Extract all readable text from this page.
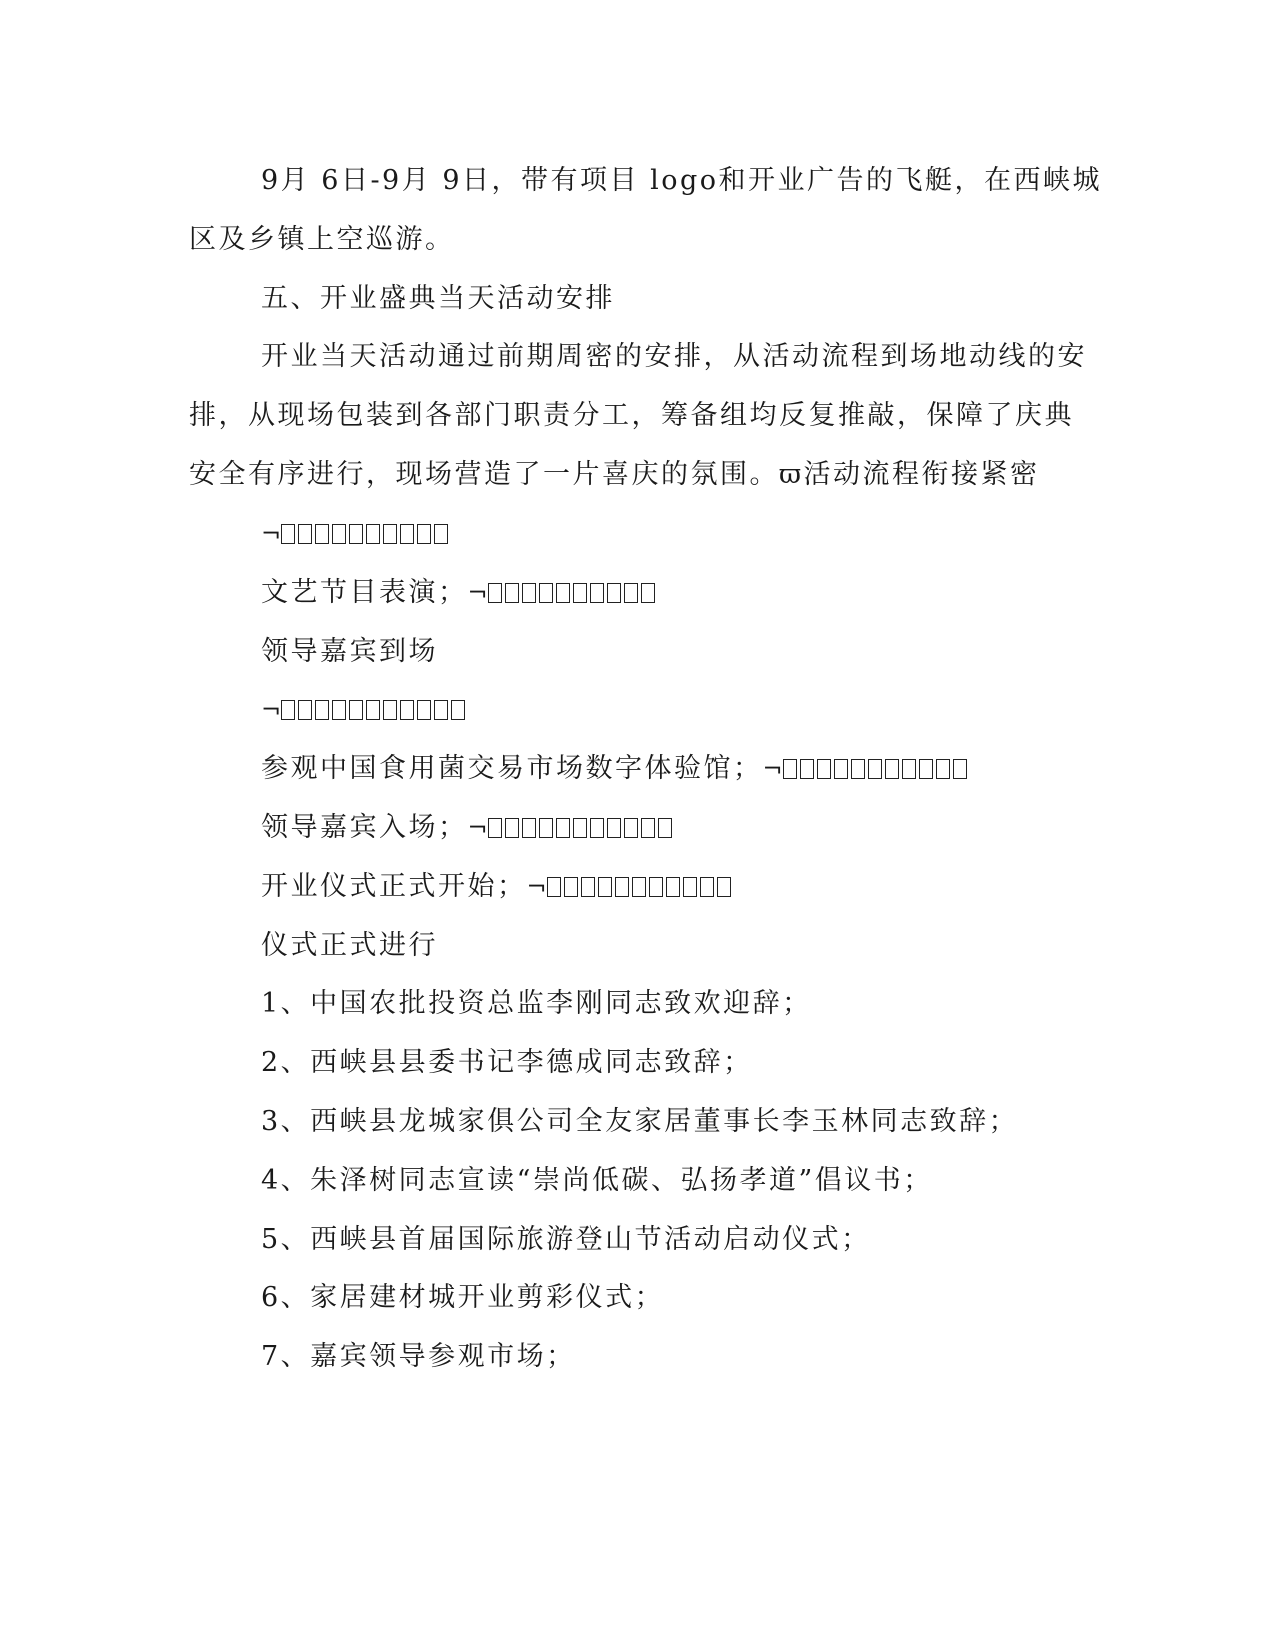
9月 6日-9月 9日，带有项目 logo和开业广告的飞艇，在西峡城
区及乡镇上空巡游。
五、开业盛典当天活动安排
开业当天活动通过前期周密的安排，从活动流程到场地动线的安
排，从现场包装到各部门职责分工，筹备组均反复推敲，保障了庆典
安全有序进行，现场营造了一片喜庆的氛围。ϖ活动流程衔接紧密
¬
文艺节目表演；¬
领导嘉宾到场
¬
参观中国食用菌交易市场数字体验馆；¬
领导嘉宾入场；¬
开业仪式正式开始；¬
仪式正式进行
1、中国农批投资总监李刚同志致欢迎辞；
2、西峡县县委书记李德成同志致辞；
3、西峡县龙城家俱公司全友家居董事长李玉林同志致辞；
4、朱泽树同志宣读“崇尚低碳、弘扬孝道”倡议书；
5、西峡县首届国际旅游登山节活动启动仪式；
6、家居建材城开业剪彩仪式；
7、嘉宾领导参观市场；
